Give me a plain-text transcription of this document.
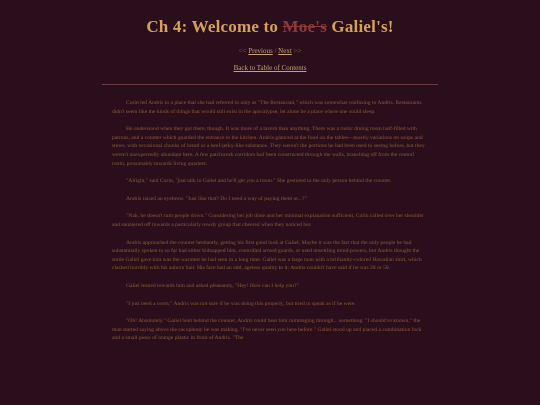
Ch 4: Welcome to Moe's Galiel's!
<< Previous / Next >>
Back to Table of Contents

Corin led Andris to a place that she had referred to only as "The Restaurant," which was somewhat confusing to Andris. Restaurants didn't seem like the kinds of things that would still exist in the apocalypse, let alone be a place where one could sleep.

He understood when they got there, though. It was more of a tavern than anything. There was a rustic dining room half-filled with patrons, and a counter which guarded the entrance to the kitchen. Andris glanced at the food on the tables—mostly variations on soups and stews, with occasional chunks of bread or a beef-jerky-like substance. They weren't the portions he had been used to seeing before, but they weren't unexpectedly abundant here. A few patchwork corridors had been constructed through the walls, branching off from the central room, presumably towards living quarters.

"Alright," said Corin, "just talk to Galiel and he'll get you a room." She gestured to the only person behind the counter.

Andris raised an eyebrow. "Just like that? Do I need a way of paying them or...?"

"Nah, he doesn't turn people down." Considering her job done and her minimal explanation sufficient, Corin called over her shoulder and sauntered off towards a particularly rowdy group that cheered when they noticed her.

Andris approached the counter hesitantly, getting his first good look at Galiel. Maybe it was the fact that the only people he had substantially spoken to so far had either kidnapped him, controlled armed guards, or used unsettling mind-powers, but Andris thought the smile Galiel gave him was the warmest he had seen in a long time. Galiel was a large man with a brilliantly-colored Hawaiian shirt, which clashed horribly with his auburn hair. His face had an odd, ageless quality to it; Andris couldn't have said if he was 20 or 50.

Galiel leaned towards him and asked pleasantly, "Hey! How can I help you?"

"I just need a room." Andris was not sure if he was doing this properly, but tried to speak as if he were.

"Oh! Absolutely." Galiel bent behind the counter. Andris could hear him rummaging through... something. "I should've known," the man started saying above the cacophony he was making. "I've never seen you here before." Galiel stood up and placed a combination lock and a small piece of orange plastic in front of Andris. "The
